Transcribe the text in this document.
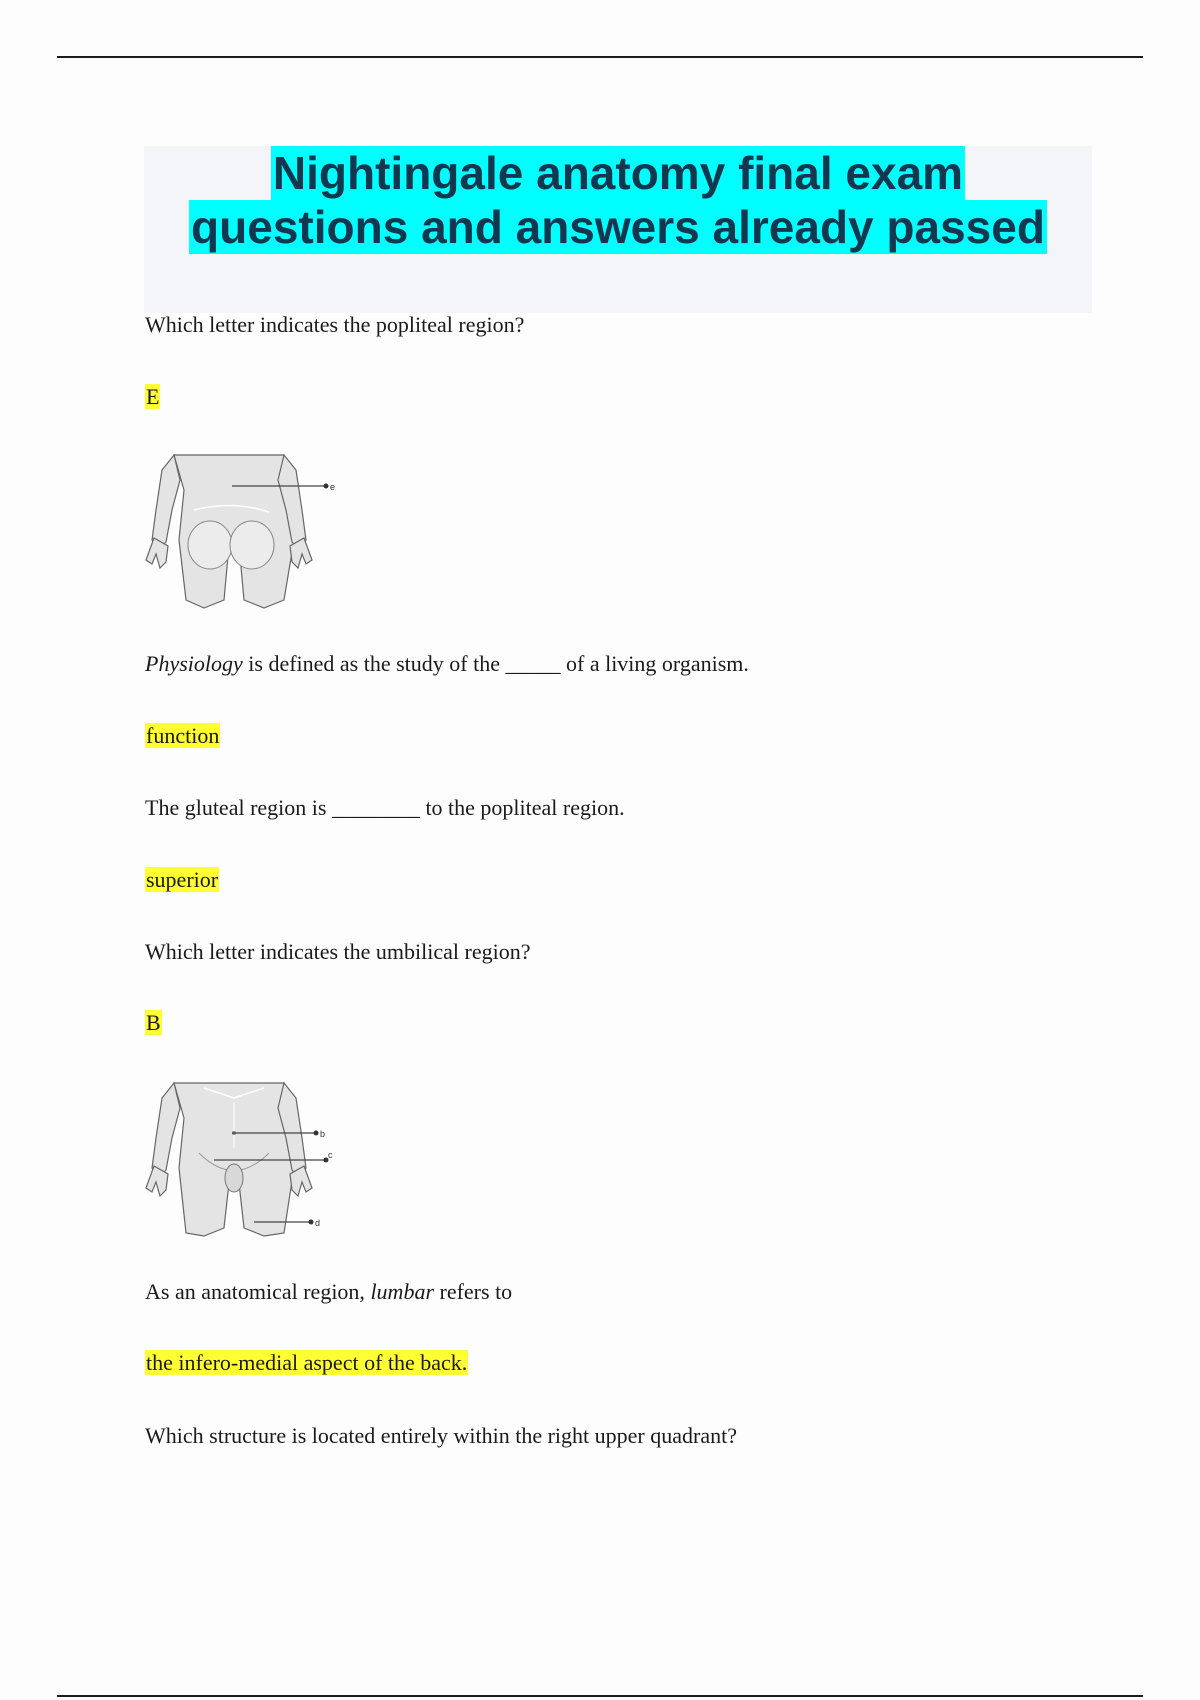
Nightingale anatomy final exam
questions and answers already passed
Which letter indicates the popliteal region?
E
e
Physiology is defined as the study of the _____ of a living organism.
function
The gluteal region is ________ to the popliteal region.
superior
Which letter indicates the umbilical region?
B
b
c
d
As an anatomical region, lumbar refers to
the infero-medial aspect of the back.
Which structure is located entirely within the right upper quadrant?
